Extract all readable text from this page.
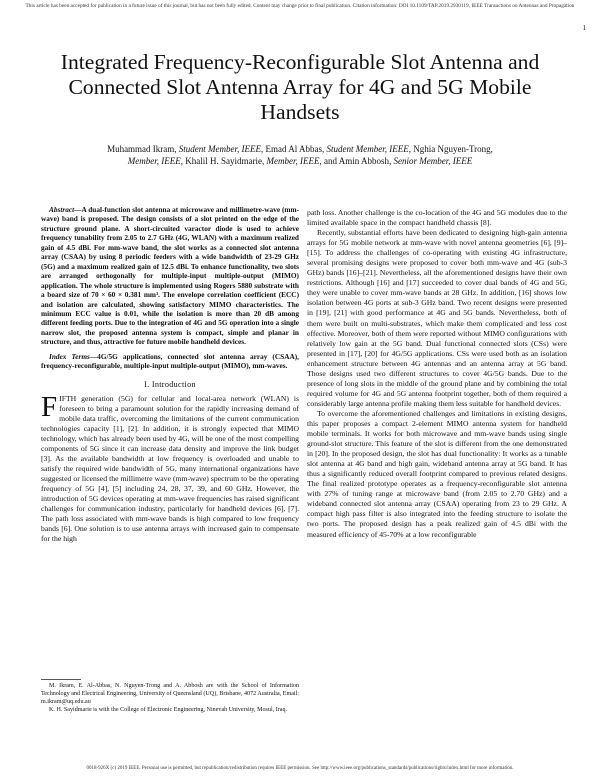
This article has been accepted for publication in a future issue of this journal, but has not been fully edited. Content may change prior to final publication. Citation information: DOI 10.1109/TAP.2019.2930119, IEEE Transactions on Antennas and Propagation
1
Integrated Frequency-Reconfigurable Slot Antenna and Connected Slot Antenna Array for 4G and 5G Mobile Handsets
Muhammad Ikram, Student Member, IEEE, Emad Al Abbas, Student Member, IEEE, Nghia Nguyen-Trong,
Member, IEEE, Khalil H. Sayidmarie, Member, IEEE, and Amin Abbosh, Senior Member, IEEE

Abstract—A dual-function slot antenna at microwave and millimetre-wave (mm-wave) band is proposed. The design consists of a slot printed on the edge of the structure ground plane. A short-circuited varactor diode is used to achieve frequency tunability from 2.05 to 2.7 GHz (4G, WLAN) with a maximum realized gain of 4.5 dBi. For mm-wave band, the slot works as a connected slot antenna array (CSAA) by using 8 periodic feeders with a wide bandwidth of 23-29 GHz (5G) and a maximum realized gain of 12.5 dBi. To enhance functionality, two slots are arranged orthogonally for multiple-input multiple-output (MIMO) application. The whole structure is implemented using Rogers 5880 substrate with a board size of 70 × 60 × 0.381 mm³. The envelope correlation coefficient (ECC) and isolation are calculated, showing satisfactory MIMO characteristics. The minimum ECC value is 0.01, while the isolation is more than 20 dB among different feeding ports. Due to the integration of 4G and 5G operation into a single narrow slot, the proposed antenna system is compact, simple and planar in structure, and thus, attractive for future mobile handheld devices.

Index Terms—4G/5G applications, connected slot antenna array (CSAA), frequency-reconfigurable, multiple-input multiple-output (MIMO), mm-waves.

I. Introduction

FIFTH generation (5G) for cellular and local-area network (WLAN) is foreseen to bring a paramount solution for the rapidly increasing demand of mobile data traffic, overcoming the limitations of the current communication technologies capacity [1], [2]. In addition, it is strongly expected that MIMO technology, which has already been used by 4G, will be one of the most compelling components of 5G since it can increase data density and improve the link budget [3]. As the available bandwidth at low frequency is overloaded and unable to satisfy the required wide bandwidth of 5G, many international organizations have suggested or licensed the millimetre wave (mm-wave) spectrum to be the operating frequency of 5G [4], [5] including 24, 28, 37, 39, and 60 GHz. However, the introduction of 5G devices operating at mm-wave frequencies has raised significant challenges for communication industry, particularly for handheld devices [6], [7]. The path loss associated with mm-wave bands is high compared to low frequency bands [6]. One solution is to use antenna arrays with increased gain to compensate for the high

M. Ikram, E. Al-Abbas, N. Nguyen-Trong and A. Abbosh are with the School of Information Technology and Electrical Engineering, University of Queensland (UQ), Brisbane, 4072 Australia, Email: m.ikram@uq.edu.au

K. H. Sayidmarie is with the College of Electronic Engineering, Ninevah University, Mosul, Iraq.

path loss. Another challenge is the co-location of the 4G and 5G modules due to the limited available space in the compact handheld chassis [8].

Recently, substantial efforts have been dedicated to designing high-gain antenna arrays for 5G mobile network at mm-wave with novel antenna geometries [6], [9]–[15]. To address the challenges of co-operating with existing 4G infrastructure, several promising designs were proposed to cover both mm-wave and 4G (sub-3 GHz) bands [16]–[21]. Nevertheless, all the aforementioned designs have their own restrictions. Although [16] and [17] succeeded to cover dual bands of 4G and 5G, they were unable to cover mm-wave bands at 28 GHz. In addition, [16] shows low isolation between 4G ports at sub-3 GHz band. Two recent designs were presented in [19], [21] with good performance at 4G and 5G bands. Nevertheless, both of them were built on multi-substrates, which make them complicated and less cost effective. Moreover, both of them were reported without MIMO configurations with relatively low gain at the 5G band. Dual functional connected slots (CSs) were presented in [17], [20] for 4G/5G applications. CSs were used both as an isolation enhancement structure between 4G antennas and an antenna array at 5G band. Those designs used two different structures to cover 4G/5G bands. Due to the presence of long slots in the middle of the ground plane and by combining the total required volume for 4G and 5G antenna footprint together, both of them required a considerably large antenna profile making them less suitable for handheld devices.

To overcome the aforementioned challenges and limitations in existing designs, this paper proposes a compact 2-element MIMO antenna system for handheld mobile terminals. It works for both microwave and mm-wave bands using single ground-slot structure. This feature of the slot is different from the one demonstrated in [20]. In the proposed design, the slot has dual functionality: It works as a tunable slot antenna at 4G band and high gain, wideband antenna array at 5G band. It has thus a significantly reduced overall footprint compared to previous related designs. The final realized prototype operates as a frequency-reconfigurable slot antenna with 27% of tuning range at microwave band (from 2.05 to 2.70 GHz) and a wideband connected slot antenna array (CSAA) operating from 23 to 29 GHz. A compact high pass filter is also integrated into the feeding structure to isolate the two ports. The proposed design has a peak realized gain of 4.5 dBi with the measured efficiency of 45-70% at a low reconfigurable

0018-926X (c) 2019 IEEE. Personal use is permitted, but republication/redistribution requires IEEE permission. See http://www.ieee.org/publications_standards/publications/rights/index.html for more information.
